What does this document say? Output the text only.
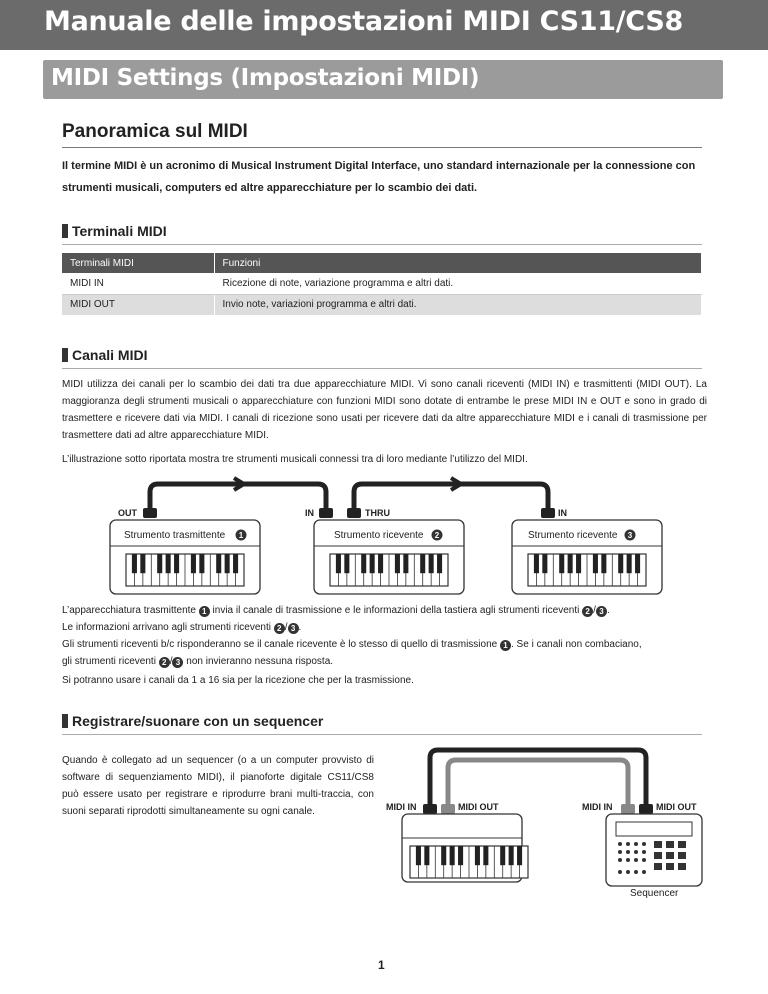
Manuale delle impostazioni MIDI CS11/CS8
MIDI Settings (Impostazioni MIDI)
Panoramica sul MIDI
Il termine MIDI è un acronimo di Musical Instrument Digital Interface, uno standard internazionale per la connessione con strumenti musicali, computers ed altre apparecchiature per lo scambio dei dati.
Terminali MIDI
Terminali MIDI	Funzioni
MIDI IN	Ricezione di note, variazione programma e altri dati.
MIDI OUT	Invio note, variazioni programma e altri dati.
Canali MIDI
MIDI utilizza dei canali per lo scambio dei dati tra due apparecchiature MIDI. Vi sono canali riceventi (MIDI IN) e trasmittenti (MIDI OUT). La maggioranza degli strumenti musicali o apparecchiature con funzioni MIDI sono dotate di entrambe le prese MIDI IN e OUT e sono in grado di trasmettere e ricevere dati via MIDI. I canali di ricezione sono usati per ricevere dati da altre apparecchiature MIDI e i canali di trasmissione per trasmettere dati ad altre apparecchiature MIDI.
L’illustrazione sotto riportata mostra tre strumenti musicali connessi tra di loro mediante l’utilizzo del MIDI.
OUT	IN	THRU	IN
Strumento trasmittente 1	Strumento ricevente 2	Strumento ricevente 3
L’apparecchiatura trasmittente 1 invia il canale di trasmissione e le informazioni della tastiera agli strumenti riceventi 2 / 3 .
Le informazioni arrivano agli strumenti riceventi 2 / 3 .
Gli strumenti riceventi b/c risponderanno se il canale ricevente è lo stesso di quello di trasmissione 1 . Se i canali non combaciano,
gli strumenti riceventi 2 / 3 non invieranno nessuna risposta.
Si potranno usare i canali da 1 a 16 sia per la ricezione che per la trasmissione.
Registrare/suonare con un sequencer
Quando è collegato ad un sequencer (o a un computer provvisto di software di sequenziamento MIDI), il pianoforte digitale CS11/CS8 può essere usato per registrare e riprodurre brani multi-traccia, con suoni separati riprodotti simultaneamente su ogni canale.	MIDI IN	MIDI OUT	MIDI IN	MIDI OUT
Sequencer
1
